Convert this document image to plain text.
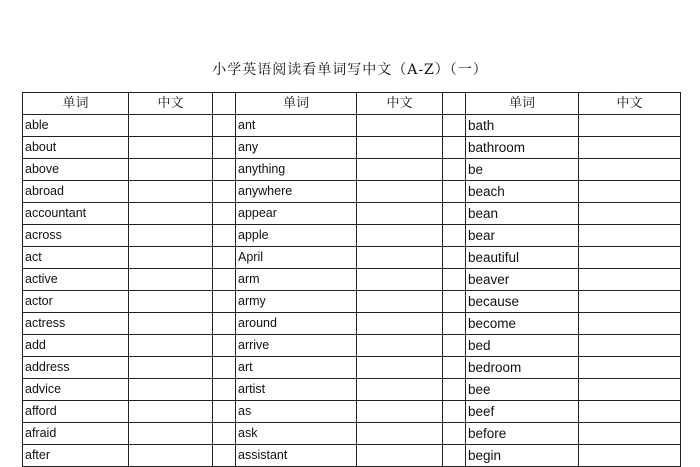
小学英语阅读看单词写中文（A-Z）（一）
单词	中文		单词	中文		单词	中文
able			ant			bath	
about			any			bathroom	
above			anything			be	
abroad			anywhere			beach	
accountant			appear			bean	
across			apple			bear	
act			April			beautiful	
active			arm			beaver	
actor			army			because	
actress			around			become	
add			arrive			bed	
address			art			bedroom	
advice			artist			bee	
afford			as			beef	
afraid			ask			before	
after			assistant			begin	
